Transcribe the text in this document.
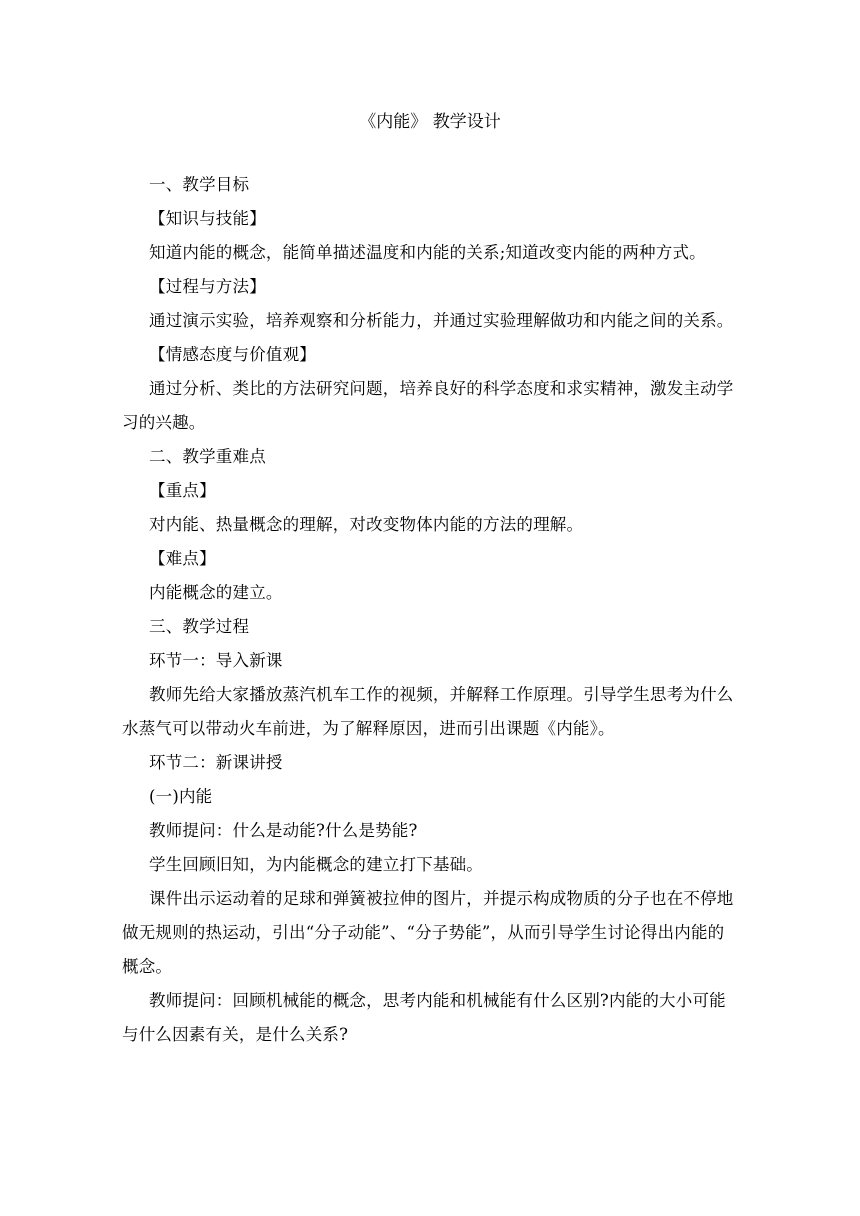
《内能》 教学设计

一、教学目标

【知识与技能】

知道内能的概念，能简单描述温度和内能的关系;知道改变内能的两种方式。

【过程与方法】

通过演示实验，培养观察和分析能力，并通过实验理解做功和内能之间的关系。

【情感态度与价值观】

通过分析、类比的方法研究问题，培养良好的科学态度和求实精神，激发主动学习的兴趣。

二、教学重难点

【重点】

对内能、热量概念的理解，对改变物体内能的方法的理解。

【难点】

内能概念的建立。

三、教学过程

环节一：导入新课

教师先给大家播放蒸汽机车工作的视频，并解释工作原理。引导学生思考为什么水蒸气可以带动火车前进，为了解释原因，进而引出课题《内能》。

环节二：新课讲授

(一)内能

教师提问：什么是动能?什么是势能?

学生回顾旧知，为内能概念的建立打下基础。

课件出示运动着的足球和弹簧被拉伸的图片，并提示构成物质的分子也在不停地做无规则的热运动，引出“分子动能”、“分子势能”，从而引导学生讨论得出内能的概念。

教师提问：回顾机械能的概念，思考内能和机械能有什么区别?内能的大小可能与什么因素有关，是什么关系?
